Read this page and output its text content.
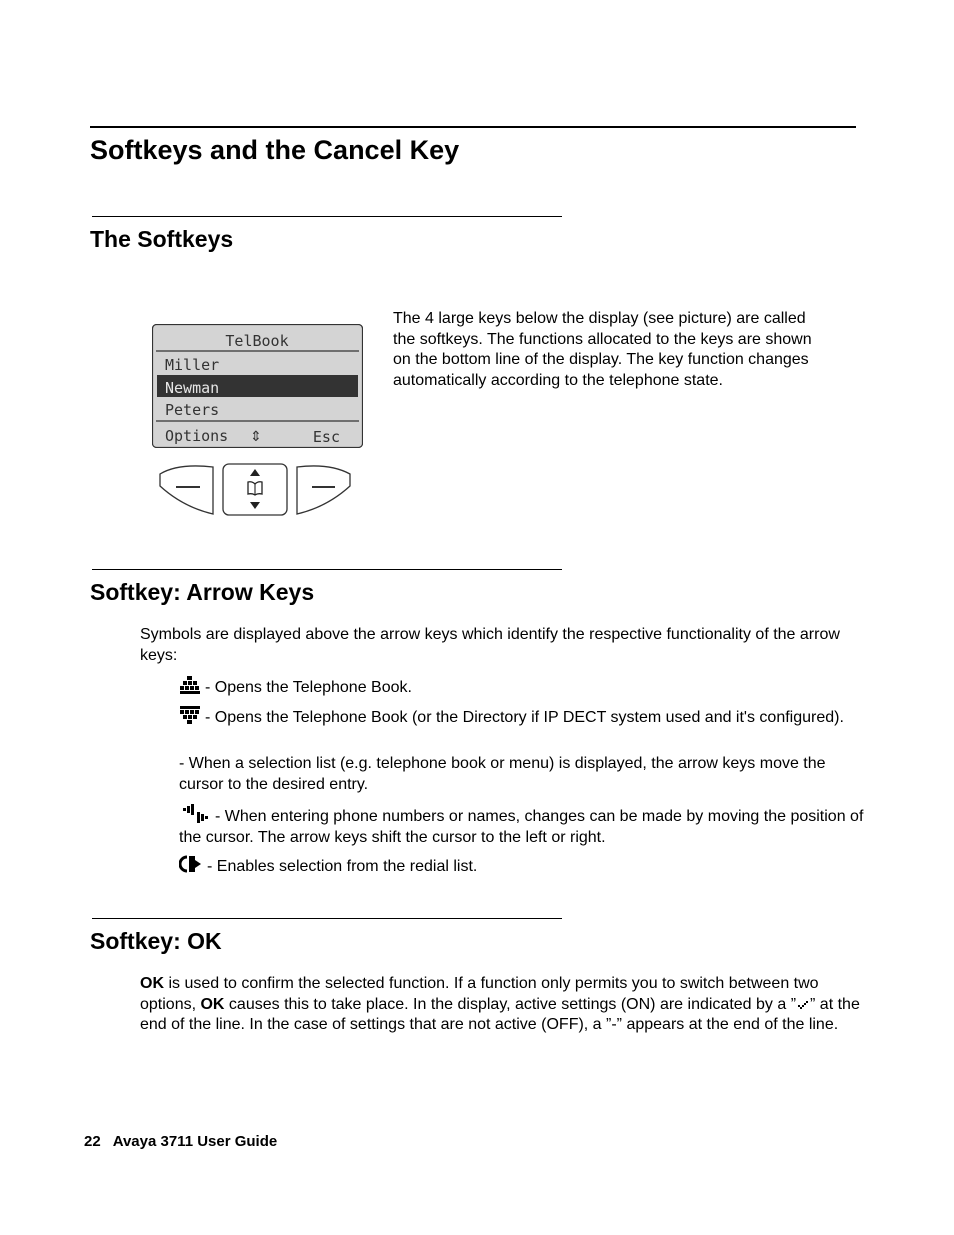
Softkeys and the Cancel Key
The Softkeys
TelBook
Miller
Newman
Peters
Options ⇕	Esc

The 4 large keys below the display (see picture) are called the softkeys. The functions allocated to the keys are shown on the bottom line of the display. The key function changes automatically according to the telephone state.

Softkey: Arrow Keys

Symbols are displayed above the arrow keys which identify the respective functionality of the arrow keys:

- Opens the Telephone Book.

- Opens the Telephone Book (or the Directory if IP DECT system used and it's configured).

- When a selection list (e.g. telephone book or menu) is displayed, the arrow keys move the cursor to the desired entry.

- When entering phone numbers or names, changes can be made by moving the position of the cursor. The arrow keys shift the cursor to the left or right.

- Enables selection from the redial list.

Softkey: OK

OK is used to confirm the selected function. If a function only permits you to switch between two options, OK causes this to take place. In the display, active settings (ON) are indicated by a ” ” at the end of the line. In the case of settings that are not active (OFF), a ”-” appears at the end of the line.

22 Avaya 3711 User Guide
